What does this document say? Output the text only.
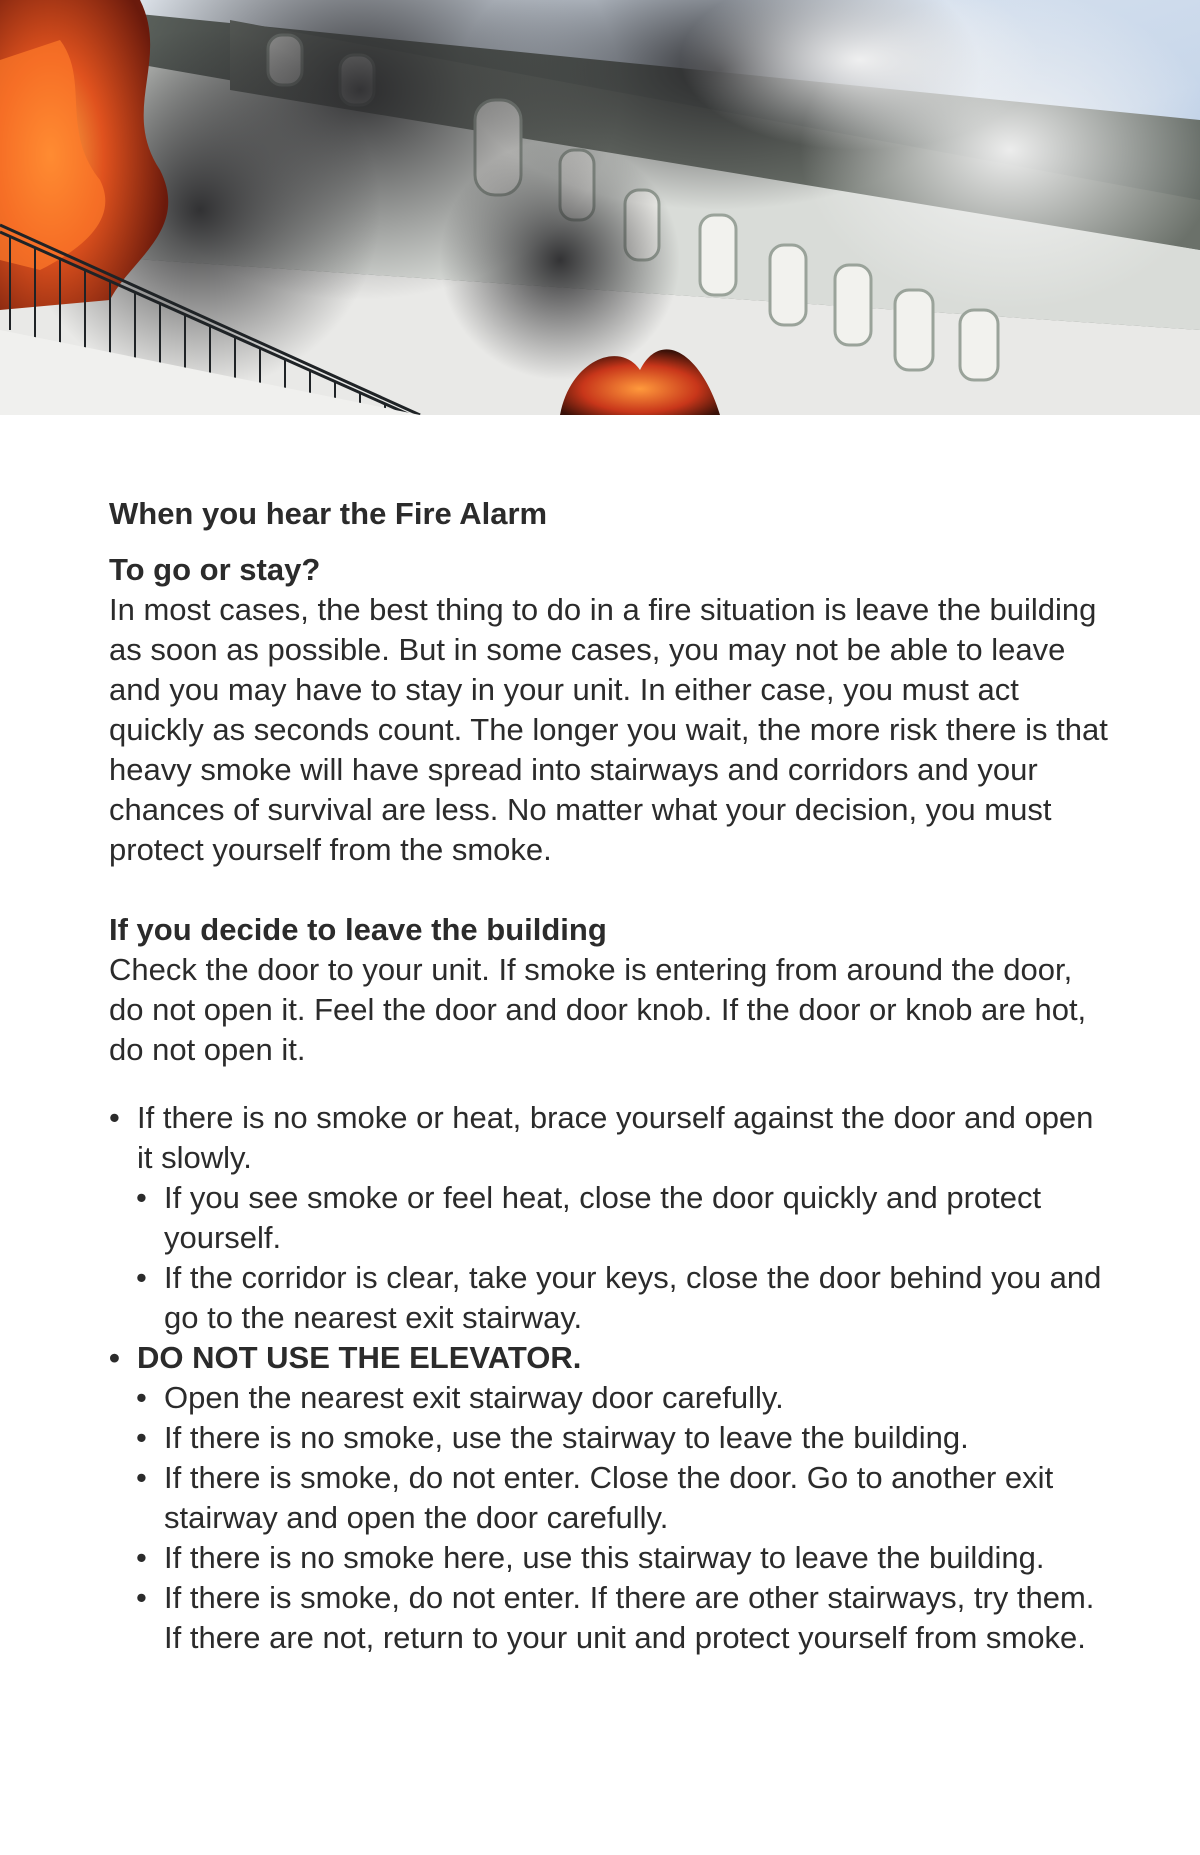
When you hear the Fire Alarm
To go or stay?

In most cases, the best thing to do in a fire situation is leave the building as soon as possible. But in some cases, you may not be able to leave and you may have to stay in your unit. In either case, you must act quickly as seconds count. The longer you wait, the more risk there is that heavy smoke will have spread into stairways and corridors and your chances of survival are less. No matter what your decision, you must protect yourself from the smoke.

If you decide to leave the building

Check the door to your unit. If smoke is entering from around the door, do not open it. Feel the door and door knob. If the door or knob are hot, do not open it.

• If there is no smoke or heat, brace yourself against the door and open it slowly.
• If you see smoke or feel heat, close the door quickly and protect yourself.
• If the corridor is clear, take your keys, close the door behind you and go to the nearest exit stairway.
• DO NOT USE THE ELEVATOR.
• Open the nearest exit stairway door carefully.
• If there is no smoke, use the stairway to leave the building.
• If there is smoke, do not enter. Close the door. Go to another exit stairway and open the door carefully.
• If there is no smoke here, use this stairway to leave the building.
• If there is smoke, do not enter. If there are other stairways, try them. If there are not, return to your unit and protect yourself from smoke.
